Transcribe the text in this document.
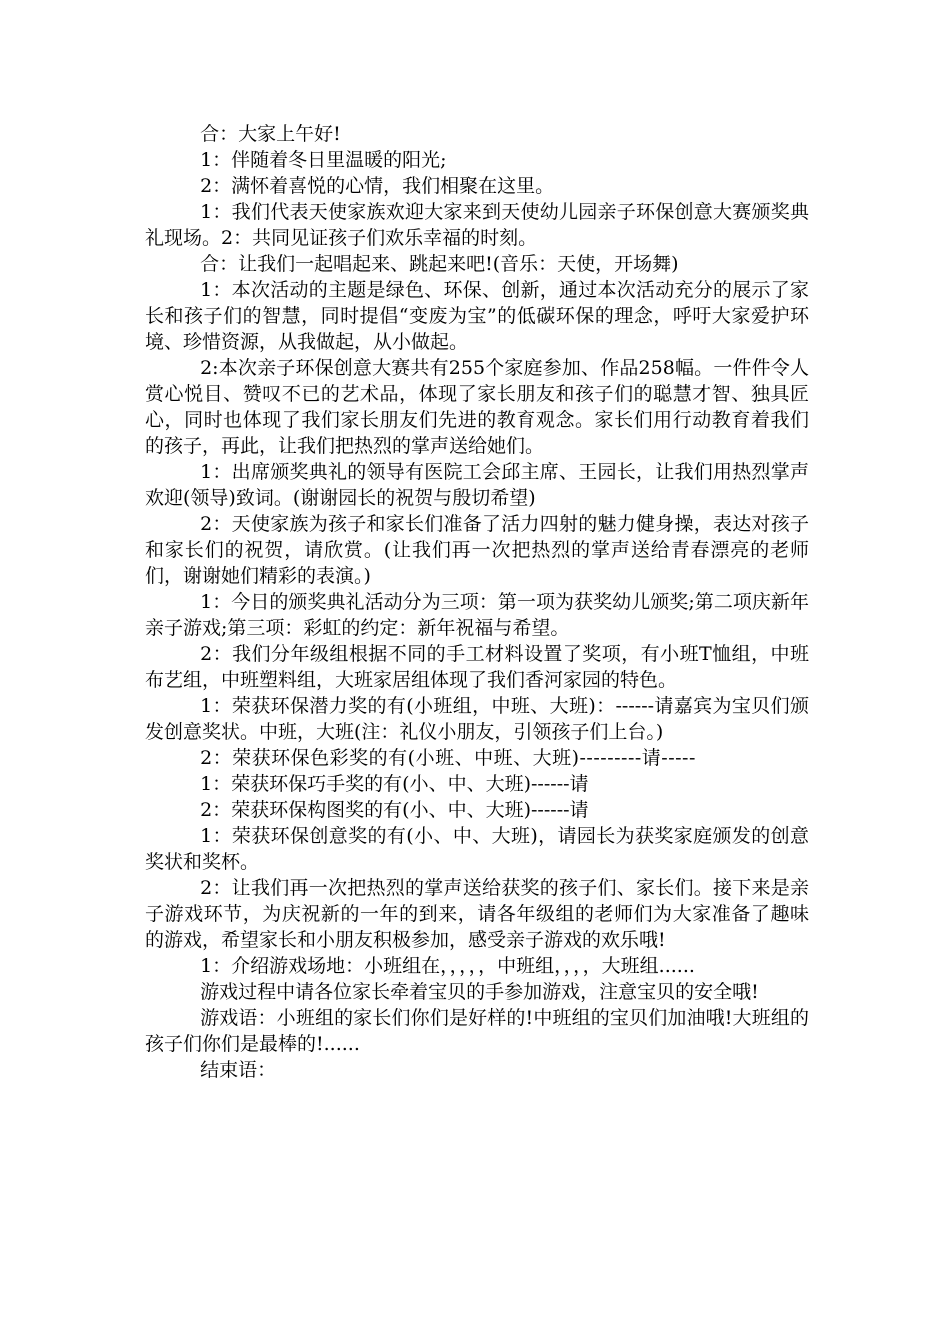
合：大家上午好!

1：伴随着冬日里温暖的阳光;

2：满怀着喜悦的心情，我们相聚在这里。

1：我们代表天使家族欢迎大家来到天使幼儿园亲子环保创意大赛颁奖典礼现场。2：共同见证孩子们欢乐幸福的时刻。

合：让我们一起唱起来、跳起来吧!(音乐：天使，开场舞)

1：本次活动的主题是绿色、环保、创新，通过本次活动充分的展示了家长和孩子们的智慧，同时提倡“变废为宝”的低碳环保的理念，呼吁大家爱护环境、珍惜资源，从我做起，从小做起。

2:本次亲子环保创意大赛共有255个家庭参加、作品258幅。一件件令人赏心悦目、赞叹不已的艺术品，体现了家长朋友和孩子们的聪慧才智、独具匠心，同时也体现了我们家长朋友们先进的教育观念。家长们用行动教育着我们的孩子，再此，让我们把热烈的掌声送给她们。

1：出席颁奖典礼的领导有医院工会邱主席、王园长，让我们用热烈掌声欢迎(领导)致词。(谢谢园长的祝贺与殷切希望)

2：天使家族为孩子和家长们准备了活力四射的魅力健身操，表达对孩子和家长们的祝贺，请欣赏。(让我们再一次把热烈的掌声送给青春漂亮的老师们，谢谢她们精彩的表演。)

1：今日的颁奖典礼活动分为三项：第一项为获奖幼儿颁奖;第二项庆新年亲子游戏;第三项：彩虹的约定：新年祝福与希望。

2：我们分年级组根据不同的手工材料设置了奖项，有小班T恤组，中班布艺组，中班塑料组，大班家居组体现了我们香河家园的特色。

1：荣获环保潜力奖的有(小班组，中班、大班)：------请嘉宾为宝贝们颁发创意奖状。中班，大班(注：礼仪小朋友，引领孩子们上台。)

2：荣获环保色彩奖的有(小班、中班、大班)---------请-----

1：荣获环保巧手奖的有(小、中、大班)------请

2：荣获环保构图奖的有(小、中、大班)------请

1：荣获环保创意奖的有(小、中、大班)，请园长为获奖家庭颁发的创意奖状和奖杯。

2：让我们再一次把热烈的掌声送给获奖的孩子们、家长们。接下来是亲子游戏环节，为庆祝新的一年的到来，请各年级组的老师们为大家准备了趣味的游戏，希望家长和小朋友积极参加，感受亲子游戏的欢乐哦!

1：介绍游戏场地：小班组在，，，，，中班组，，，，大班组......

游戏过程中请各位家长牵着宝贝的手参加游戏，注意宝贝的安全哦!

游戏语：小班组的家长们你们是好样的!中班组的宝贝们加油哦!大班组的孩子们你们是最棒的!......

结束语：
